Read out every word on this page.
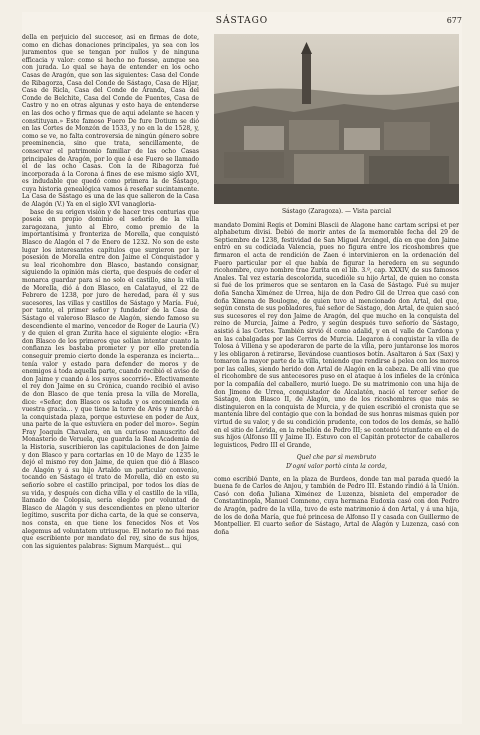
SÁSTAGO	677

della en perjuicio del succesor, asi en firmas de dote, como en dichas donaciones principales, ya sea con los juramentos que se tengan por nullos y de ninguna efficacia y valor: como si hecho no fuesse, aunque sea con jurada. Lo qual se haya de entender en los ocho Casas de Aragón, que son las siguientes: Casa del Conde de Ribagorza, Casa del Conde de Sástago, Casa de Híjar, Casa de Ricla, Casa del Conde de Aranda, Casa del Conde de Belchite, Casa del Conde de Fuentes, Casa de Castro y no en otras algunas y esto haya de entenderse en las dos ocho y firmas que de aqui adelante se hacen y constituyan.» Este famoso Fuero De fure Dotium se dió en las Cortes de Monzón de 1533, y no en la de 1528, y, como se ve, no falta controversia de ningún género sobre preeminencia, sino que trata, sencillamente, de conservar el patrimonio familiar de las ocho Casas principales de Aragón, por lo que á ese Fuero se llamado el de las ocho Casas. Con la de Ribagorza fué incorporada á la Corona á fines de ese mismo siglo XVI, es indudable que quedó como primera la de Sástago, cuya historia genealógica vamos á reseñar sucintamente. La Casa de Sástago es una de las que salieron de la Casa de Alagón (V.) Ya en el siglo XVI vanagloria-

base de su origen visión y de hacer tres centurias que poseía en propio dominio el señorío de la villa zaragozana, junto al Ebro, como premio de la importantísima y fronteriza de Morella, que conquistó Blasco de Alagón el 7 de Enero de 1232. No son de este lugar los interesantes capítulos que surgieron por la posesión de Morella entre don Jaime el Conquistador y su leal ricohombre don Blasco, bastando consignar, siguiendo la opinión más cierta, que después de ceder el monarca guardar para sí no solo el castillo, sino la villa de Morella, dió á don Blasco, en Calatayud, el 22 de Febrero de 1238, por juro de heredad, para él y sus sucesores, las villas y castillos de Sástago y María. Fué, por tanto, el primer señor y fundador de la Casa de Sástago el valeroso Blasco de Alagón, siendo famoso su descendiente el marino, vencedor de Roger de Lauria (V.) y de quien el gran Zurita hace el siguiente elogio: «Era don Blasco de los primeros que solían intentar cuanto la confianza les bastaba prometer y por ello pretendía conseguir premio cierto donde la esperanza es incierta... tenía valor y estado para defender de moros y de enemigos á toda aquella parte, cuando recibió el aviso de don Jaime y cuando á los suyos socorrió». Efectivamente el rey don Jaime en su Crónica, cuando recibió el aviso de don Blasco de que tenía presa la villa de Morella, dice: «Señor, don Blasco os saluda y os encomienda en vuestra gracia... y que tiene la torre de Arés y marchó á la conquistada plaza, porque estuviese en poder de Aux, una parte de la que estuviera en poder del moro». Según Fray Joaquín Chavalera, en un curioso manuscrito del Monasterio de Veruela, que guarda la Real Academia de la Historia, suscribieron las capitulaciones de don Jaime y don Blasco y para cortarlas en 10 de Mayo de 1235 le dejó el mismo rey don Jaime, de quien que dió á Blasco de Alagón y á su hijo Artaldo un particular convenio, tocando en Sástago el trato de Morella, dió en esto su señorío sobre el castillo principal, por todos los días de su vida, y después con dicha villa y el castillo de la villa, llamado de Colopsia, sería elegido por voluntad de Blasco de Alagón y sus descendientes en pleno ulterior legítimo, suscrita por dicha carta, de la que se conserva, nos consta, en que tiene los fenecidos Nos et Vos alegemus ad voluntatem utriusque. El notario no fué mas que escribiente por mandato del rey, sino de sus hijos, con las siguientes palabras: Signum Marquést... qui

Sástago (Zaragoza). — Vista parcial

mandato Domini Regis et Domini Blascii de Alagone hanc cartam scripsi et per alphabetum divisi. Debió de morir antes de la memorable fecha del 29 de Septiembre de 1238, festividad de San Miguel Arcángel, día en que don Jaime entró en su codiciada Valencia, pues no figura entre los ricoshombres que firmaron el acta de rendición de Zaen é intervinieron en la ordenación del Fuero particular por el que había de figurar la heredera en su segundo ricohombre, cuyo nombre trae Zurita en el lib. 3.º, cap. XXXIV, de sus famosos Anales. Tal vez estaría descolorida, sucedióle su hijo Artal, de quien no consta si fué de los primeros que se sentaron en la Casa de Sástago. Fué su mujer doña Sancha Ximénez de Urrea, hija de don Pedro Gil de Urrea que casó con doña Ximena de Boulogne, de quien tuvo al mencionado don Artal, del que, según consta de sus pobladores, fué señor de Sástago, don Artal, de quien sacó sus sucesores el rey don Jaime de Aragón, del que mucho en la conquista del reino de Murcia, Jaime a Pedro, y según después tuvo señorío de Sástago, asistió á las Cortes. También sirvió él como adalid, y en el valle de Cardona y en las cabalgadas por las Cerros de Murcia. Llegaron á conquistar la villa de Tolosa á Villena y se apoderaron de parte de la villa, pero juntaronse los moros y les obligaron á retirarse, llevándose cuantiosos botín. Asaltaron á Sax (Sax) y tomaron la mayor parte de la villa, teniendo que rendirse á pelea con los moros por las calles, siendo herido don Artal de Alagón en la cabeza. De allí vino que el ricohombre de sus antecesores puso en el ataque á los infieles de la crónica por la compañía del caballero, murió luego. De su matrimonio con una hija de don Jimeno de Urrea, conquistador de Alcalatén, nació el tercer señor de Sástago, don Blasco II, de Alagón, uno de los ricoshombres que más se distinguieron en la conquista de Murcia, y de quien escribió el cronista que se mantenía libre del contagio que con la bondad de sus honras mismas quien por virtud de su valor, y de su condición prudente, con todos de los demás, se halló en el sitio de Lérida, en la rebelión de Pedro III; se contentó triunfante en el de sus hijos (Alfonso III y Jaime II). Estuvo con el Capitán protector de caballeros leguisticos, Pedro III el Grande,

Quel che par sì membruto
D'ogni valor portò cinta la corda,

como escribió Dante, en la plaza de Burdeos, donde tan mal parada quedó la buena fe de Carlos de Anjou, y también de Pedro III. Estando rindió á la Unión. Casó con doña Juliana Ximénez de Luzenza, bisnieta del emperador de Constantinopla, Manuel Comneno, cuya hermana Eudoxia casó con don Pedro de Aragón, padre de la villa, tuvo de este matrimonio á don Artal, y á una hija, de los de doña María, que fué princesa de Alfonso II y casada con Guillermo de Montpellier. El cuarto señor de Sástago, Artal de Alagón y Luzenza, casó con doña
